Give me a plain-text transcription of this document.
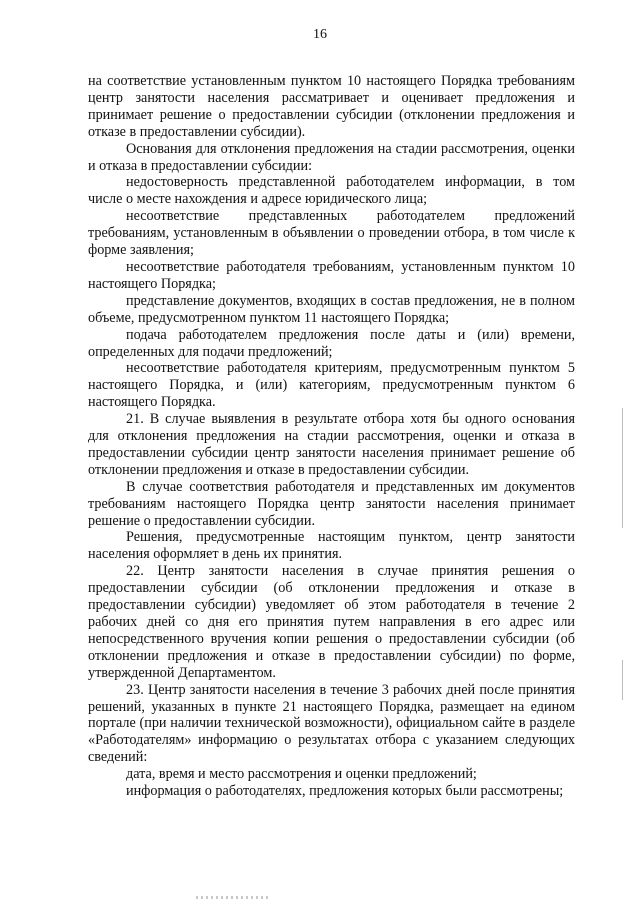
16

на соответствие установленным пунктом 10 настоящего Порядка требованиям центр занятости населения рассматривает и оценивает предложения и принимает решение о предоставлении субсидии (отклонении предложения и отказе в предоставлении субсидии).

Основания для отклонения предложения на стадии рассмотрения, оценки и отказа в предоставлении субсидии:

недостоверность представленной работодателем информации, в том числе о месте нахождения и адресе юридического лица;

несоответствие представленных работодателем предложений требованиям, установленным в объявлении о проведении отбора, в том числе к форме заявления;

несоответствие работодателя требованиям, установленным пунктом 10 настоящего Порядка;

представление документов, входящих в состав предложения, не в полном объеме, предусмотренном пунктом 11 настоящего Порядка;

подача работодателем предложения после даты и (или) времени, определенных для подачи предложений;

несоответствие работодателя критериям, предусмотренным пунктом 5 настоящего Порядка, и (или) категориям, предусмотренным пунктом 6 настоящего Порядка.

21. В случае выявления в результате отбора хотя бы одного основания для отклонения предложения на стадии рассмотрения, оценки и отказа в предоставлении субсидии центр занятости населения принимает решение об отклонении предложения и отказе в предоставлении субсидии.

В случае соответствия работодателя и представленных им документов требованиям настоящего Порядка центр занятости населения принимает решение о предоставлении субсидии.

Решения, предусмотренные настоящим пунктом, центр занятости населения оформляет в день их принятия.

22. Центр занятости населения в случае принятия решения о предоставлении субсидии (об отклонении предложения и отказе в предоставлении субсидии) уведомляет об этом работодателя в течение 2 рабочих дней со дня его принятия путем направления в его адрес или непосредственного вручения копии решения о предоставлении субсидии (об отклонении предложения и отказе в предоставлении субсидии) по форме, утвержденной Департаментом.

23. Центр занятости населения в течение 3 рабочих дней после принятия решений, указанных в пункте 21 настоящего Порядка, размещает на едином портале (при наличии технической возможности), официальном сайте в разделе «Работодателям» информацию о результатах отбора с указанием следующих сведений:

дата, время и место рассмотрения и оценки предложений;

информация о работодателях, предложения которых были рассмотрены;
